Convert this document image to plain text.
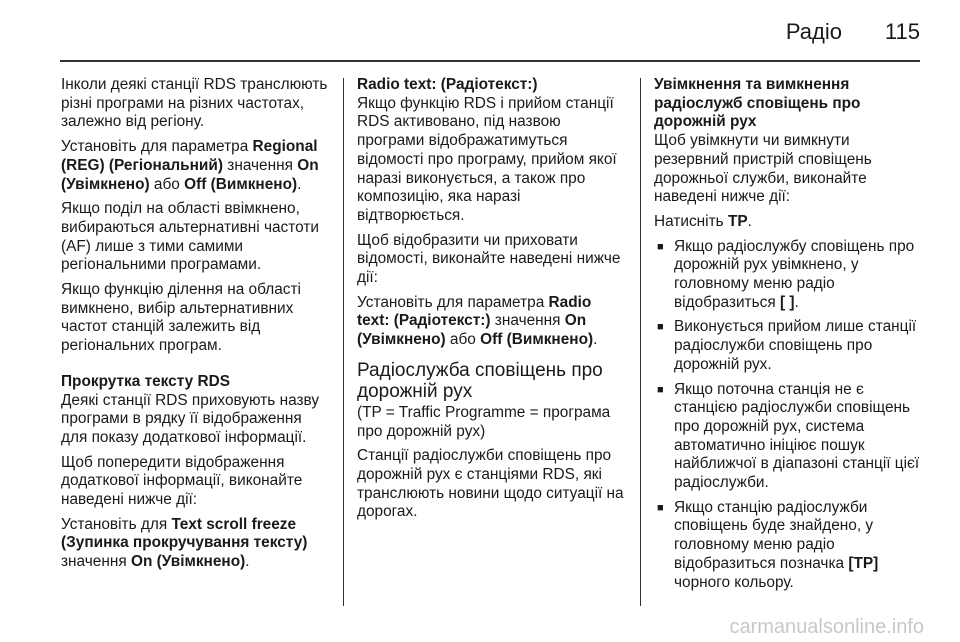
Радіо 115

Інколи деякі станції RDS транслюють різні програми на різних частотах, залежно від регіону.

Установіть для параметра Regional (REG) (Регіональний) значення On (Увімкнено) або Off (Вимкнено).

Якщо поділ на області ввімкнено, вибираються альтернативні частоти (AF) лише з тими самими регіональними програмами.

Якщо функцію ділення на області вимкнено, вибір альтернативних частот станцій залежить від регіональних програм.

Прокрутка тексту RDS

Деякі станції RDS приховують назву програми в рядку її відображення для показу додаткової інформації.

Щоб попередити відображення додаткової інформації, виконайте наведені нижче дії:

Установіть для Text scroll freeze (Зупинка прокручування тексту) значення On (Увімкнено).

Radio text: (Радіотекст:)

Якщо функцію RDS і прийом станції RDS активовано, під назвою програми відображатимуться відомості про програму, прийом якої наразі виконується, а також про композицію, яка наразі відтворюється.

Щоб відобразити чи приховати відомості, виконайте наведені нижче дії:

Установіть для параметра Radio text: (Радіотекст:) значення On (Увімкнено) або Off (Вимкнено).

Радіослужба сповіщень про дорожній рух

(TP = Traffic Programme = програма про дорожній рух)

Станції радіослужби сповіщень про дорожній рух є станціями RDS, які транслюють новини щодо ситуації на дорогах.

Увімкнення та вимкнення радіослужб сповіщень про дорожній рух

Щоб увімкнути чи вимкнути резервний пристрій сповіщень дорожньої служби, виконайте наведені нижче дії:

Натисніть TP.

■ Якщо радіослужбу сповіщень про дорожній рух увімкнено, у головному меню радіо відобразиться [ ].
■ Виконується прийом лише станції радіослужби сповіщень про дорожній рух.
■ Якщо поточна станція не є станцією радіослужби сповіщень про дорожній рух, система автоматично ініціює пошук найближчої в діапазоні станції цієї радіослужби.
■ Якщо станцію радіослужби сповіщень буде знайдено, у головному меню радіо відобразиться позначка [TP] чорного кольору.
carmanualsonline.info
